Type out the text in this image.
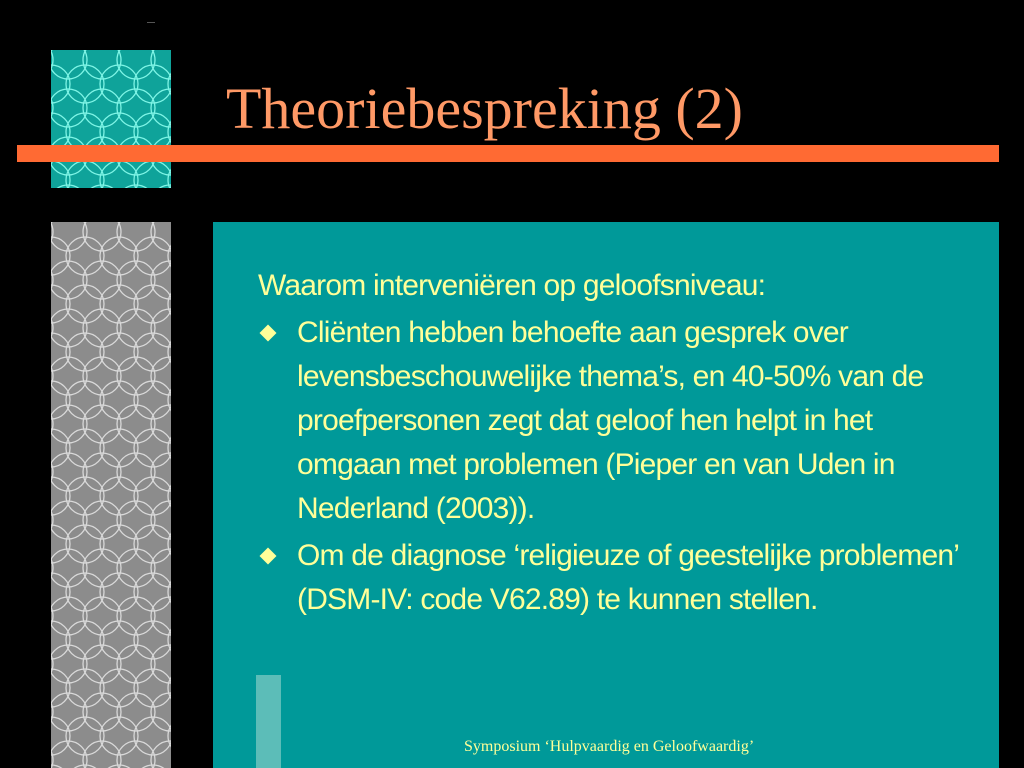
Theoriebespreking (2)

Waarom interveniëren op geloofsniveau:

Cliënten hebben behoefte aan gesprek over levensbeschouwelijke thema’s, en 40-50% van de proefpersonen zegt dat geloof hen helpt in het omgaan met problemen (Pieper en van Uden in Nederland (2003)).
Om de diagnose ‘religieuze of geestelijke problemen’ (DSM-IV: code V62.89) te kunnen stellen.
Symposium ‘Hulpvaardig en Geloofwaardig’
